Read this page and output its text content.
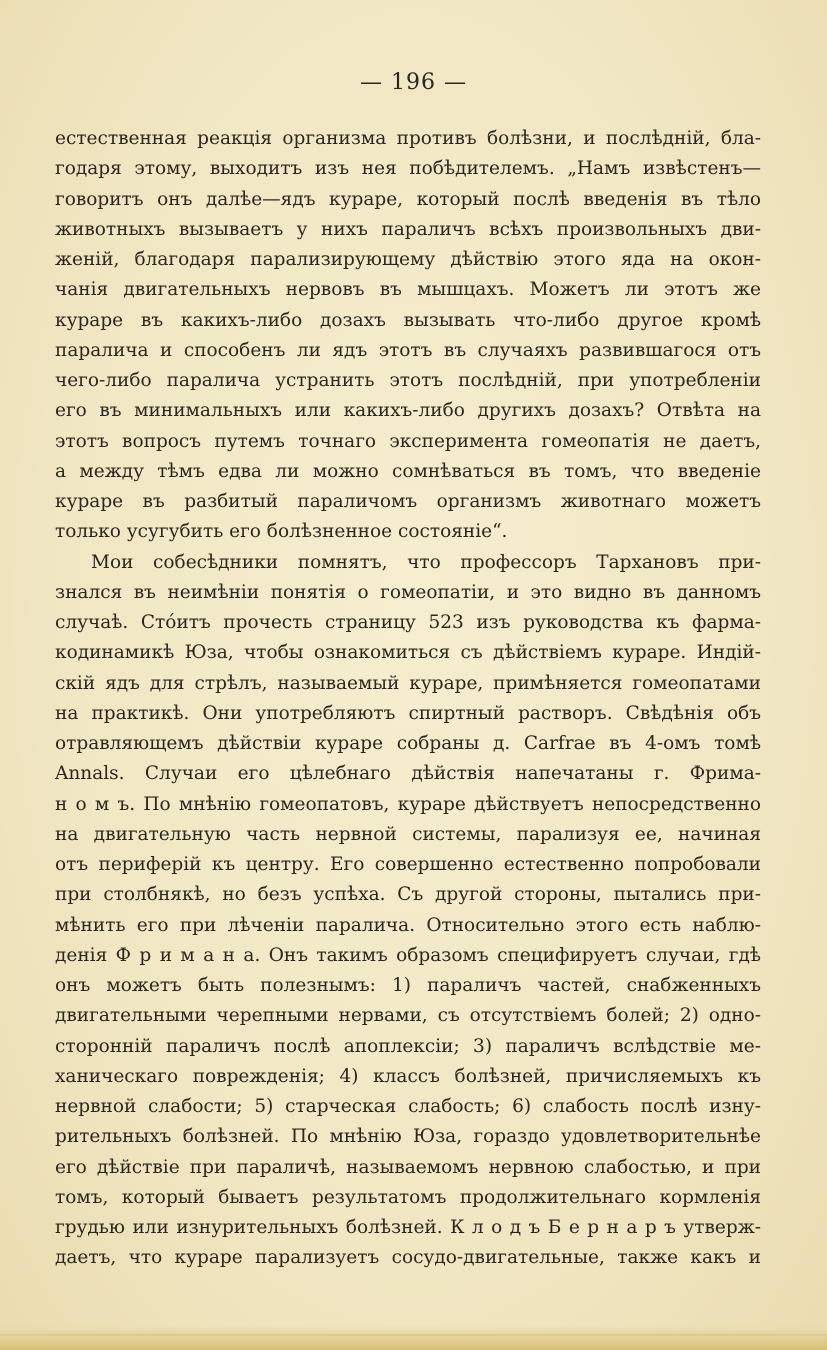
— 196 —
естественная реакція организма противъ болѣзни, и послѣдній, бла-
годаря этому, выходитъ изъ нея побѣдителемъ. „Намъ извѣстенъ—
говоритъ онъ далѣе—ядъ кураре, который послѣ введенія въ тѣло
животныхъ вызываетъ у нихъ параличъ всѣхъ произвольныхъ дви-
женій, благодаря парализирующему дѣйствію этого яда на окон-
чанія двигательныхъ нервовъ въ мышцахъ. Можетъ ли этотъ же
кураре въ какихъ-либо дозахъ вызывать что-либо другое кромѣ
паралича и способенъ ли ядъ этотъ въ случаяхъ развившагося отъ
чего-либо паралича устранить этотъ послѣдній, при употребленіи
его въ минимальныхъ или какихъ-либо другихъ дозахъ? Отвѣта на
этотъ вопросъ путемъ точнаго эксперимента гомеопатія не даетъ,
а между тѣмъ едва ли можно сомнѣваться въ томъ, что введеніе
кураре въ разбитый параличомъ организмъ животнаго можетъ
только усугубить его болѣзненное состояніе“.
Мои собесѣдники помнятъ, что профессоръ Тархановъ при-
знался въ неимѣніи понятія о гомеопатіи, и это видно въ данномъ
случаѣ. Стóитъ прочесть страницу 523 изъ руководства къ фарма-
кодинамикѣ Юза, чтобы ознакомиться съ дѣйствіемъ кураре. Индій-
скій ядъ для стрѣлъ, называемый кураре, примѣняется гомеопатами
на практикѣ. Они употребляютъ спиртный растворъ. Свѣдѣнія объ
отравляющемъ дѣйствіи кураре собраны д. Carfrae въ 4-омъ томѣ
Annals. Случаи его цѣлебнаго дѣйствія напечатаны г. Фрима-
н о м ъ. По мнѣнію гомеопатовъ, кураре дѣйствуетъ непосредственно
на двигательную часть нервной системы, парализуя ее, начиная
отъ периферій къ центру. Его совершенно естественно попробовали
при столбнякѣ, но безъ успѣха. Съ другой стороны, пытались при-
мѣнить его при лѣченіи паралича. Относительно этого есть наблю-
денія Ф р и м а н а. Онъ такимъ образомъ специфируетъ случаи, гдѣ
онъ можетъ быть полезнымъ: 1) параличъ частей, снабженныхъ
двигательными черепными нервами, съ отсутствіемъ болей; 2) одно-
сторонній параличъ послѣ апоплексіи; 3) параличъ вслѣдствіе ме-
ханическаго поврежденія; 4) классъ болѣзней, причисляемыхъ къ
нервной слабости; 5) старческая слабость; 6) слабость послѣ изну-
рительныхъ болѣзней. По мнѣнію Юза, гораздо удовлетворительнѣе
его дѣйствіе при параличѣ, называемомъ нервною слабостью, и при
томъ, который бываетъ результатомъ продолжительнаго кормленія
грудью или изнурительныхъ болѣзней. К л о д ъ Б е р н а р ъ утверж-
даетъ, что кураре парализуетъ сосудо-двигательные, также какъ и
